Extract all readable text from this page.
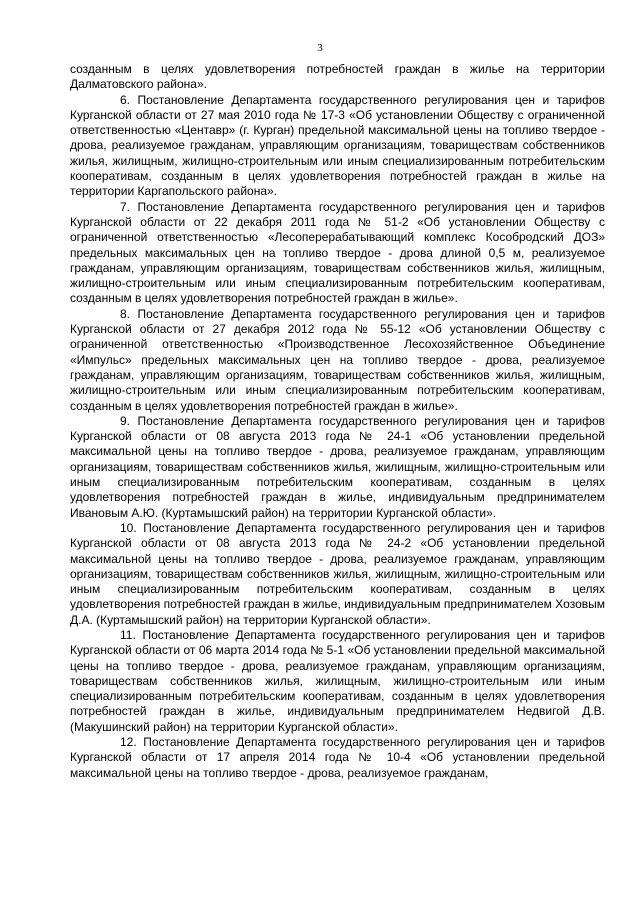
3

созданным в целях удовлетворения потребностей граждан в жилье на территории Далматовского района».

6. Постановление Департамента государственного регулирования цен и тарифов Курганской области от 27 мая 2010 года № 17-3 «Об установлении Обществу с ограниченной ответственностью «Центавр» (г. Курган) предельной максимальной цены на топливо твердое - дрова, реализуемое гражданам, управляющим организациям, товариществам собственников жилья, жилищным, жилищно-строительным или иным специализированным потребительским кооперативам, созданным в целях удовлетворения потребностей граждан в жилье на территории Каргапольского района».

7. Постановление Департамента государственного регулирования цен и тарифов Курганской области от 22 декабря 2011 года № 51-2 «Об установлении Обществу с ограниченной ответственностью «Лесоперерабатывающий комплекс Кособродский ДОЗ» предельных максимальных цен на топливо твердое - дрова длиной 0,5 м, реализуемое гражданам, управляющим организациям, товариществам собственников жилья, жилищным, жилищно-строительным или иным специализированным потребительским кооперативам, созданным в целях удовлетворения потребностей граждан в жилье».

8. Постановление Департамента государственного регулирования цен и тарифов Курганской области от 27 декабря 2012 года № 55-12 «Об установлении Обществу с ограниченной ответственностью «Производственное Лесохозяйственное Объединение «Импульс» предельных максимальных цен на топливо твердое - дрова, реализуемое гражданам, управляющим организациям, товариществам собственников жилья, жилищным, жилищно-строительным или иным специализированным потребительским кооперативам, созданным в целях удовлетворения потребностей граждан в жилье».

9. Постановление Департамента государственного регулирования цен и тарифов Курганской области от 08 августа 2013 года № 24-1 «Об установлении предельной максимальной цены на топливо твердое - дрова, реализуемое гражданам, управляющим организациям, товариществам собственников жилья, жилищным, жилищно-строительным или иным специализированным потребительским кооперативам, созданным в целях удовлетворения потребностей граждан в жилье, индивидуальным предпринимателем Ивановым А.Ю. (Куртамышский район) на территории Курганской области».

10. Постановление Департамента государственного регулирования цен и тарифов Курганской области от 08 августа 2013 года № 24-2 «Об установлении предельной максимальной цены на топливо твердое - дрова, реализуемое гражданам, управляющим организациям, товариществам собственников жилья, жилищным, жилищно-строительным или иным специализированным потребительским кооперативам, созданным в целях удовлетворения потребностей граждан в жилье, индивидуальным предпринимателем Хозовым Д.А. (Куртамышский район) на территории Курганской области».

11. Постановление Департамента государственного регулирования цен и тарифов Курганской области от 06 марта 2014 года № 5-1 «Об установлении предельной максимальной цены на топливо твердое - дрова, реализуемое гражданам, управляющим организациям, товариществам собственников жилья, жилищным, жилищно-строительным или иным специализированным потребительским кооперативам, созданным в целях удовлетворения потребностей граждан в жилье, индивидуальным предпринимателем Недвигой Д.В. (Макушинский район) на территории Курганской области».

12. Постановление Департамента государственного регулирования цен и тарифов Курганской области от 17 апреля 2014 года № 10-4 «Об установлении предельной максимальной цены на топливо твердое - дрова, реализуемое гражданам,
